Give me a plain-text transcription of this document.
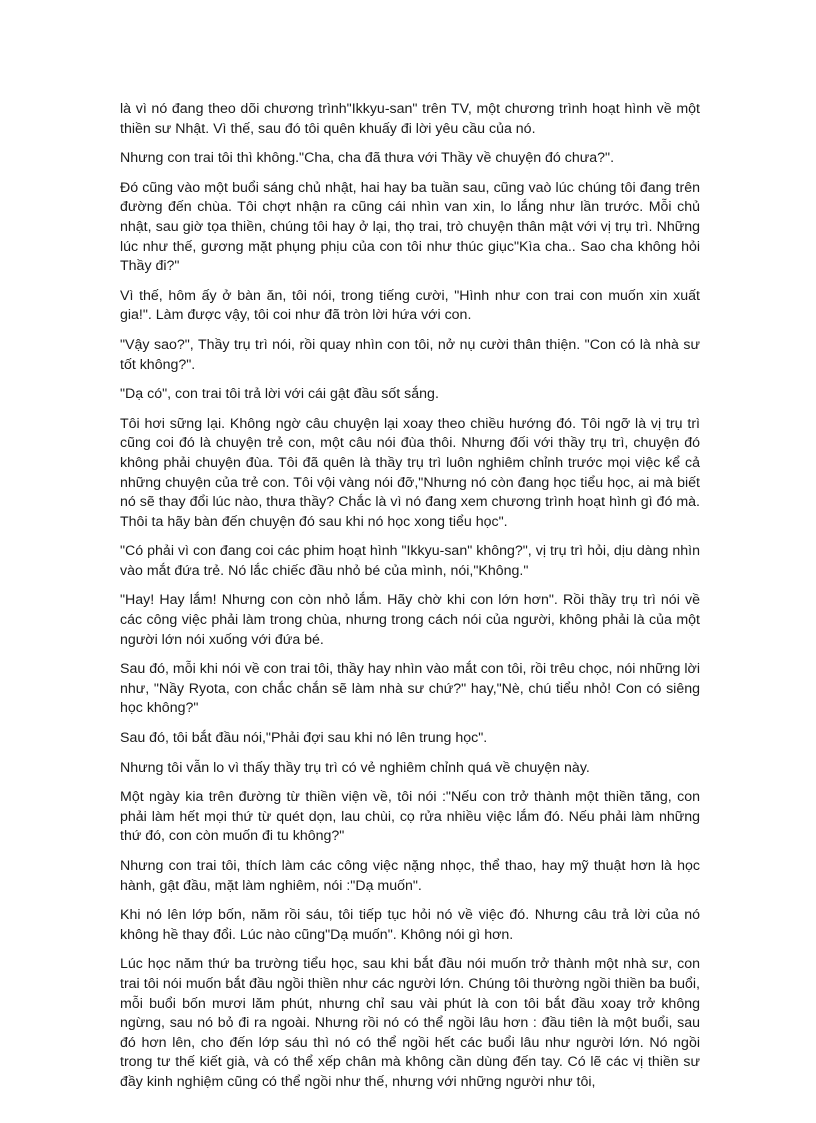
là vì nó đang theo dõi chương trình"Ikkyu-san" trên TV, một chương trình hoạt hình về một thiền sư Nhật. Vì thế, sau đó tôi quên khuấy đi lời yêu cầu của nó.

Nhưng con trai tôi thì không."Cha, cha đã thưa với Thầy về chuyện đó chưa?".

Đó cũng vào một buổi sáng chủ nhật, hai hay ba tuần sau, cũng vaò lúc chúng tôi đang trên đường đến chùa. Tôi chợt nhận ra cũng cái nhìn van xin, lo lắng như lần trước. Mỗi chủ nhật, sau giờ tọa thiền, chúng tôi hay ở lại, thọ trai, trò chuyện thân mật với vị trụ trì. Những lúc như thế, gương mặt phụng phịu của con tôi như thúc giục"Kìa cha.. Sao cha không hỏi Thầy đi?"

Vì thế, hôm ấy ở bàn ăn, tôi nói, trong tiếng cười, "Hình như con trai con muốn xin xuất gia!". Làm được vậy, tôi coi như đã tròn lời hứa với con.

"Vậy sao?", Thầy trụ trì nói, rồi quay nhìn con tôi, nở nụ cười thân thiện. "Con có là nhà sư tốt không?".

"Dạ có", con trai tôi trả lời với cái gật đầu sốt sắng.

Tôi hơi sững lại. Không ngờ câu chuyện lại xoay theo chiều hướng đó. Tôi ngỡ là vị trụ trì cũng coi đó là chuyện trẻ con, một câu nói đùa thôi. Nhưng đối với thầy trụ trì, chuyện đó không phải chuyện đùa. Tôi đã quên là thầy trụ trì luôn nghiêm chỉnh trước mọi việc kể cả những chuyện của trẻ con. Tôi vội vàng nói đỡ,"Nhưng nó còn đang học tiểu học, ai mà biết nó sẽ thay đổi lúc nào, thưa thầy? Chắc là vì nó đang xem chương trình hoạt hình gì đó mà. Thôi ta hãy bàn đến chuyện đó sau khi nó học xong tiểu học".

"Có phải vì con đang coi các phim hoạt hình "Ikkyu-san" không?", vị trụ trì hỏi, dịu dàng nhìn vào mắt đứa trẻ. Nó lắc chiếc đầu nhỏ bé của mình, nói,"Không."

"Hay! Hay lắm! Nhưng con còn nhỏ lắm. Hãy chờ khi con lớn hơn". Rồi thầy trụ trì nói về các công việc phải làm trong chùa, nhưng trong cách nói của người, không phải là của một người lớn nói xuống với đứa bé.

Sau đó, mỗi khi nói về con trai tôi, thầy hay nhìn vào mắt con tôi, rồi trêu chọc, nói những lời như, "Nầy Ryota, con chắc chắn sẽ làm nhà sư chứ?" hay,"Nè, chú tiểu nhỏ! Con có siêng học không?"

Sau đó, tôi bắt đầu nói,"Phải đợi sau khi nó lên trung học".

Nhưng tôi vẫn lo vì thấy thầy trụ trì có vẻ nghiêm chỉnh quá về chuyện này.

Một ngày kia trên đường từ thiền viện về, tôi nói :"Nếu con trở thành một thiền tăng, con phải làm hết mọi thứ từ quét dọn, lau chùi, cọ rửa nhiều việc lắm đó. Nếu phải làm những thứ đó, con còn muốn đi tu không?"

Nhưng con trai tôi, thích làm các công việc nặng nhọc, thể thao, hay mỹ thuật hơn là học hành, gật đầu, mặt làm nghiêm, nói :"Dạ muốn".

Khi nó lên lớp bốn, năm rồi sáu, tôi tiếp tục hỏi nó về việc đó. Nhưng câu trả lời của nó không hề thay đổi. Lúc nào cũng"Dạ muốn". Không nói gì hơn.

Lúc học năm thứ ba trường tiểu học, sau khi bắt đầu nói muốn trở thành một nhà sư, con trai tôi nói muốn bắt đầu ngồi thiền như các người lớn. Chúng tôi thường ngồi thiền ba buổi, mỗi buổi bốn mươi lăm phút, nhưng chỉ sau vài phút là con tôi bắt đầu xoay trở không ngừng, sau nó bỏ đi ra ngoài. Nhưng rồi nó có thể ngồi lâu hơn : đầu tiên là một buổi, sau đó hơn lên, cho đến lớp sáu thì nó có thể ngồi hết các buổi lâu như người lớn. Nó ngồi trong tư thế kiết già, và có thể xếp chân mà không cần dùng đến tay. Có lẽ các vị thiền sư đầy kinh nghiệm cũng có thể ngồi như thế, nhưng với những người như tôi,
